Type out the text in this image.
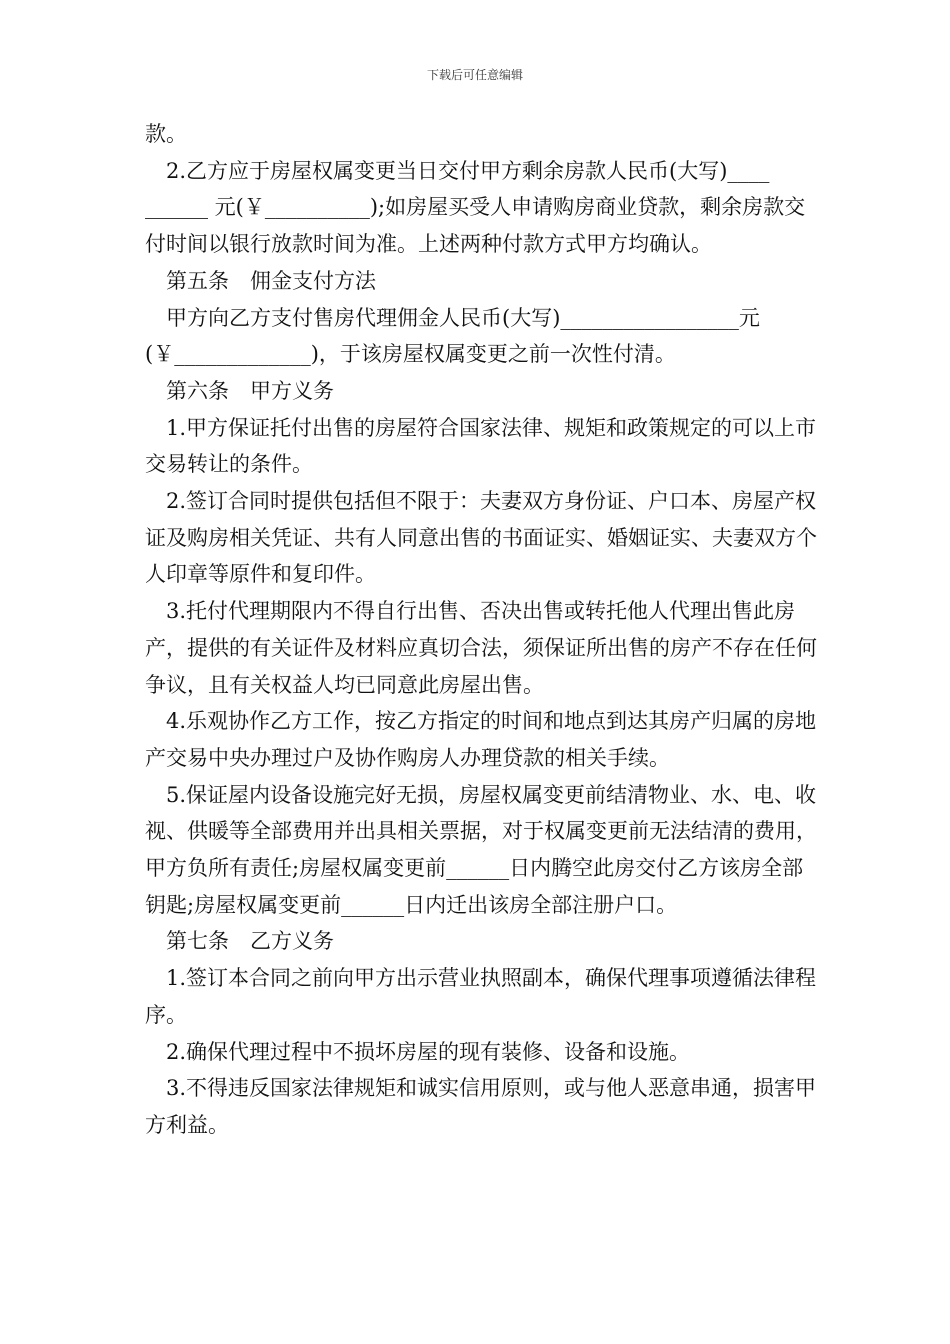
下载后可任意编辑

款。

2.乙方应于房屋权属变更当日交付甲方剩余房款人民币(大写)____ ______ 元(￥__________);如房屋买受人申请购房商业贷款，剩余房款交付时间以银行放款时间为准。上述两种付款方式甲方均确认。

第五条　佣金支付方法

甲方向乙方支付售房代理佣金人民币(大写)_________________元(￥_____________)，于该房屋权属变更之前一次性付清。

第六条　甲方义务

1.甲方保证托付出售的房屋符合国家法律、规矩和政策规定的可以上市交易转让的条件。

2.签订合同时提供包括但不限于：夫妻双方身份证、户口本、房屋产权证及购房相关凭证、共有人同意出售的书面证实、婚姻证实、夫妻双方个人印章等原件和复印件。

3.托付代理期限内不得自行出售、否决出售或转托他人代理出售此房产，提供的有关证件及材料应真切合法，须保证所出售的房产不存在任何争议，且有关权益人均已同意此房屋出售。

4.乐观协作乙方工作，按乙方指定的时间和地点到达其房产归属的房地产交易中央办理过户及协作购房人办理贷款的相关手续。

5.保证屋内设备设施完好无损，房屋权属变更前结清物业、水、电、收视、供暖等全部费用并出具相关票据，对于权属变更前无法结清的费用，甲方负所有责任;房屋权属变更前______日内腾空此房交付乙方该房全部钥匙;房屋权属变更前______日内迁出该房全部注册户口。

第七条　乙方义务

1.签订本合同之前向甲方出示营业执照副本，确保代理事项遵循法律程序。

2.确保代理过程中不损坏房屋的现有装修、设备和设施。

3.不得违反国家法律规矩和诚实信用原则，或与他人恶意串通，损害甲方利益。
